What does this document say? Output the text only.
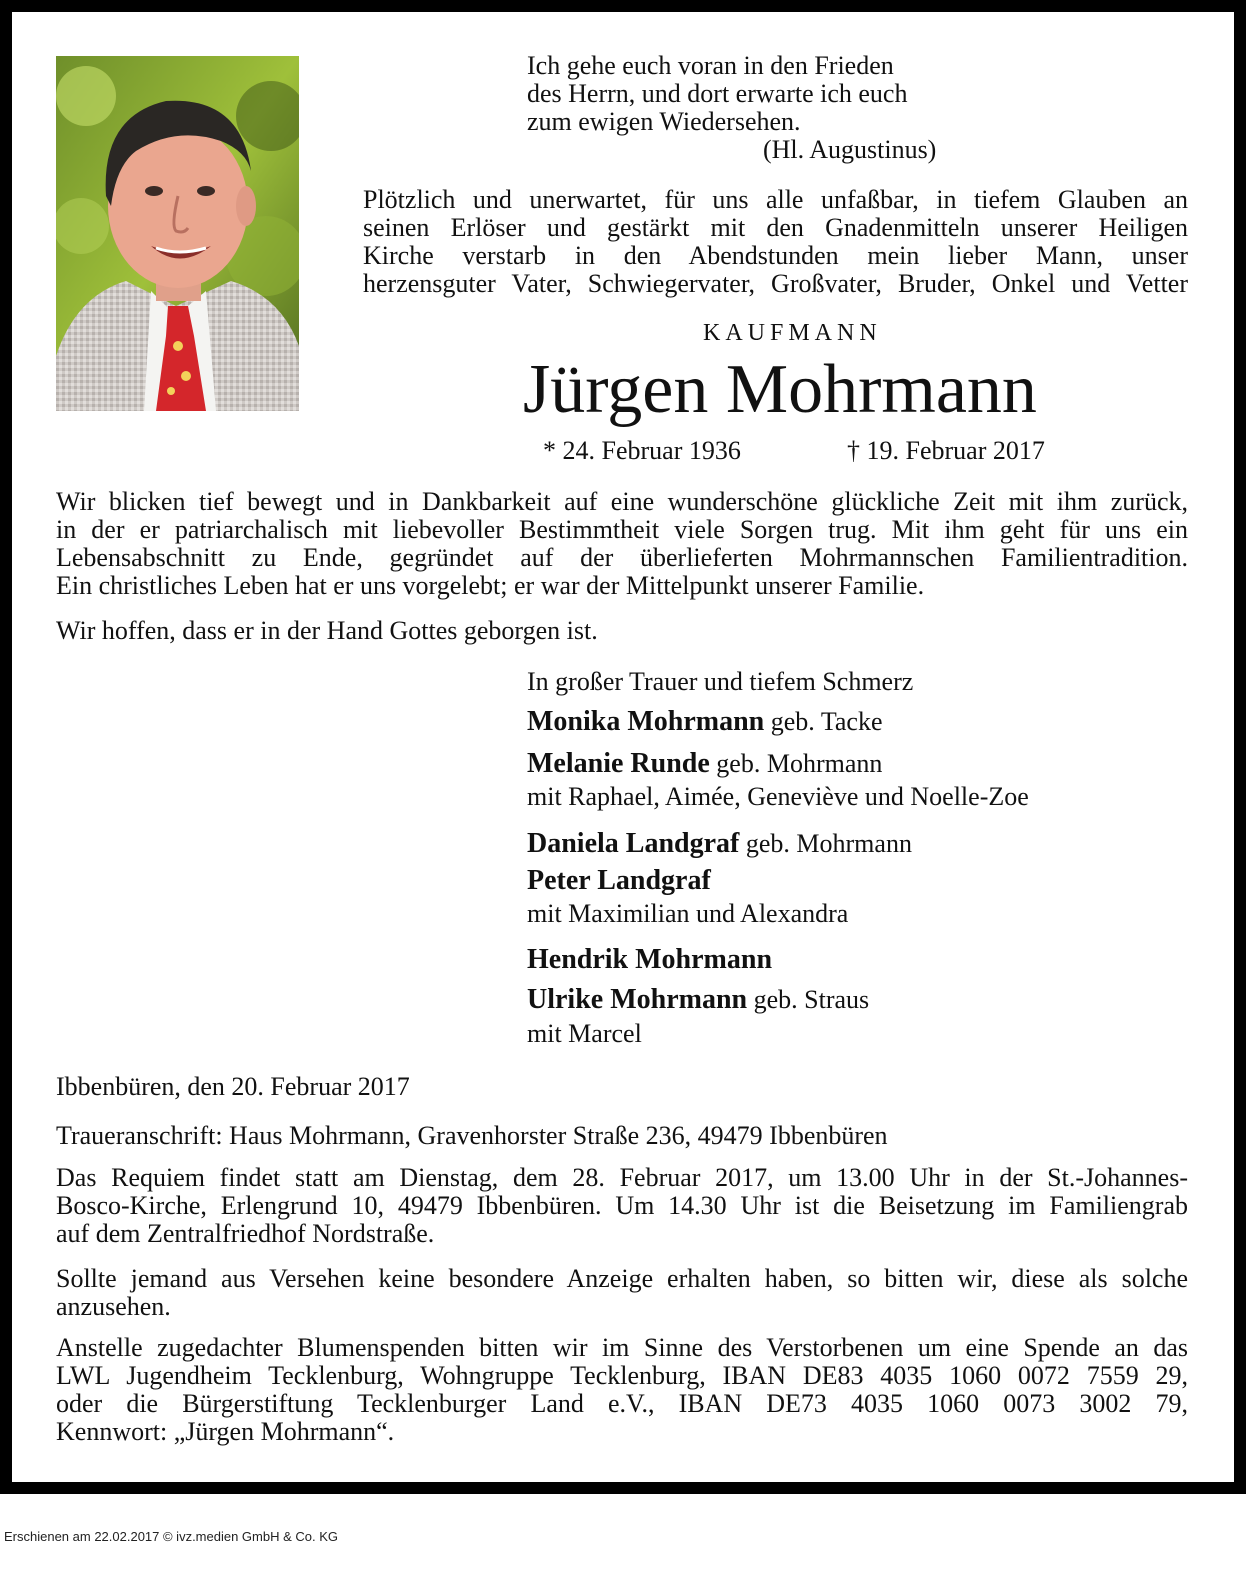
Ich gehe euch voran in den Frieden
des Herrn, und dort erwarte ich euch
zum ewigen Wiedersehen.
(Hl. Augustinus)
Plötzlich und unerwartet, für uns alle unfaßbar, in tiefem Glauben an
seinen Erlöser und gestärkt mit den Gnadenmitteln unserer Heiligen
Kirche verstarb in den Abendstunden mein lieber Mann, unser
herzensguter Vater, Schwiegervater, Großvater, Bruder, Onkel und Vetter
KAUFMANN
Jürgen Mohrmann
* 24. Februar 1936	† 19. Februar 2017
Wir blicken tief bewegt und in Dankbarkeit auf eine wunderschöne glückliche Zeit mit ihm zurück,
in der er patriarchalisch mit liebevoller Bestimmtheit viele Sorgen trug. Mit ihm geht für uns ein
Lebensabschnitt zu Ende, gegründet auf der überlieferten Mohrmannschen Familientradition.
Ein christliches Leben hat er uns vorgelebt; er war der Mittelpunkt unserer Familie.
Wir hoffen, dass er in der Hand Gottes geborgen ist.
In großer Trauer und tiefem Schmerz
Monika Mohrmann geb. Tacke
Melanie Runde geb. Mohrmann
mit Raphael, Aimée, Geneviève und Noelle-Zoe
Daniela Landgraf geb. Mohrmann
Peter Landgraf
mit Maximilian und Alexandra
Hendrik Mohrmann
Ulrike Mohrmann geb. Straus
mit Marcel
Ibbenbüren, den 20. Februar 2017
Traueranschrift: Haus Mohrmann, Gravenhorster Straße 236, 49479 Ibbenbüren
Das Requiem findet statt am Dienstag, dem 28. Februar 2017, um 13.00 Uhr in der St.-Johannes-
Bosco-Kirche, Erlengrund 10, 49479 Ibbenbüren. Um 14.30 Uhr ist die Beisetzung im Familiengrab
auf dem Zentralfriedhof Nordstraße.
Sollte jemand aus Versehen keine besondere Anzeige erhalten haben, so bitten wir, diese als solche
anzusehen.
Anstelle zugedachter Blumenspenden bitten wir im Sinne des Verstorbenen um eine Spende an das
LWL Jugendheim Tecklenburg, Wohngruppe Tecklenburg, IBAN DE83 4035 1060 0072 7559 29,
oder die Bürgerstiftung Tecklenburger Land e.V., IBAN DE73 4035 1060 0073 3002 79,
Kennwort: „Jürgen Mohrmann“.
Erschienen am 22.02.2017 © ivz.medien GmbH & Co. KG
